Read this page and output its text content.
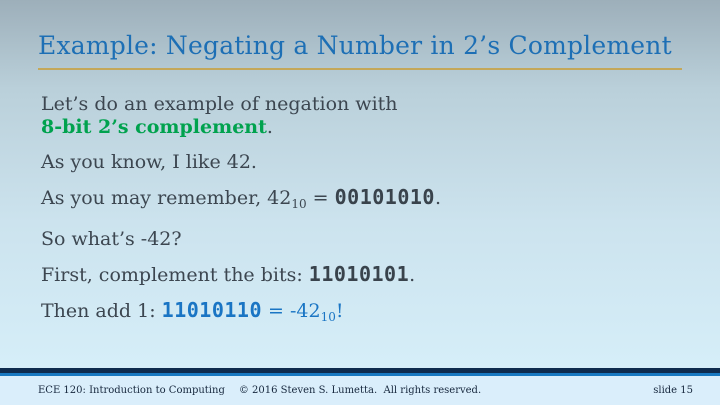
Example: Negating a Number in 2’s Complement

Let’s do an example of negation with
8-bit 2’s complement.

As you know, I like 42.

As you may remember, $42_{10} = 00101010$.

So what’s -42?

First, complement the bits: 11010101.

Then add 1: $11010110 = -42_{10}$!

ECE 120: Introduction to Computing	© 2016 Steven S. Lumetta.  All rights reserved.	slide 15
